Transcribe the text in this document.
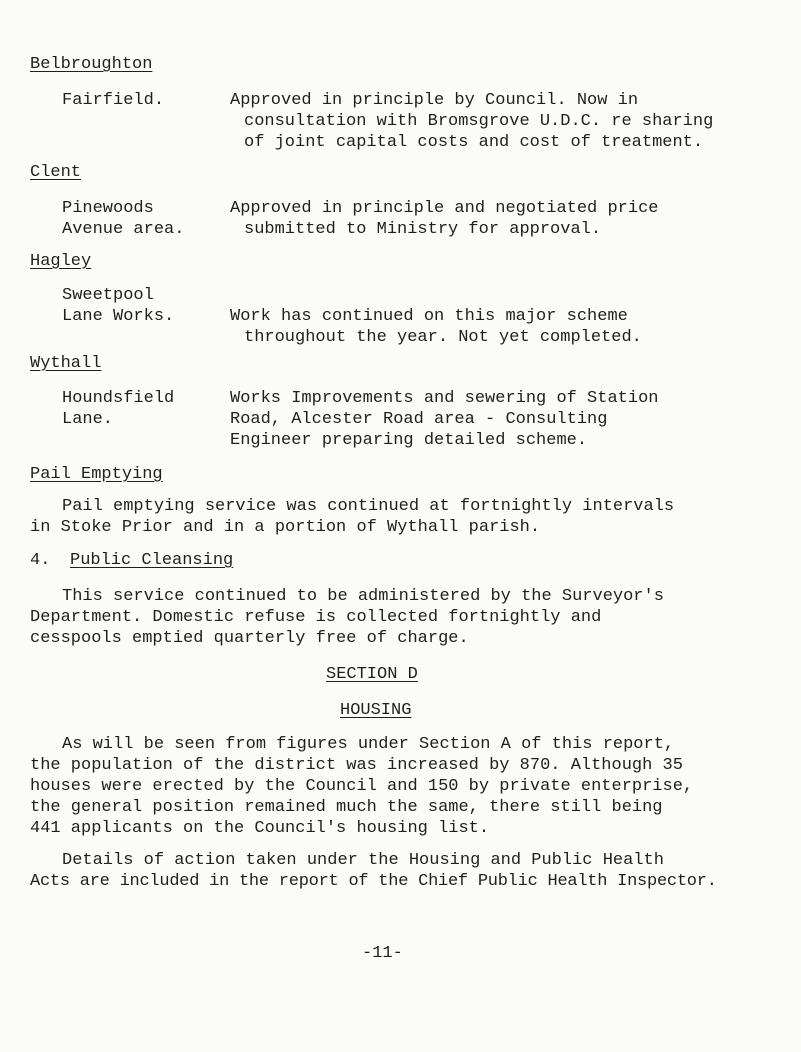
Belbroughton
Fairfield.	Approved in principle by Council. Now in
consultation with Bromsgrove U.D.C. re sharing
of joint capital costs and cost of treatment.
Clent
Pinewoods
Avenue area.
Approved in principle and negotiated price
submitted to Ministry for approval.
Hagley
Sweetpool
Lane Works.	Work has continued on this major scheme
throughout the year. Not yet completed.
Wythall
Houndsfield
Lane.
Works Improvements and sewering of Station
Road, Alcester Road area - Consulting
Engineer preparing detailed scheme.
Pail Emptying
Pail emptying service was continued at fortnightly intervals
in Stoke Prior and in a portion of Wythall parish.
4. Public Cleansing
This service continued to be administered by the Surveyor's
Department. Domestic refuse is collected fortnightly and
cesspools emptied quarterly free of charge.
SECTION D
HOUSING
As will be seen from figures under Section A of this report,
the population of the district was increased by 870. Although 35
houses were erected by the Council and 150 by private enterprise,
the general position remained much the same, there still being
441 applicants on the Council's housing list.
Details of action taken under the Housing and Public Health
Acts are included in the report of the Chief Public Health Inspector.
-11-
